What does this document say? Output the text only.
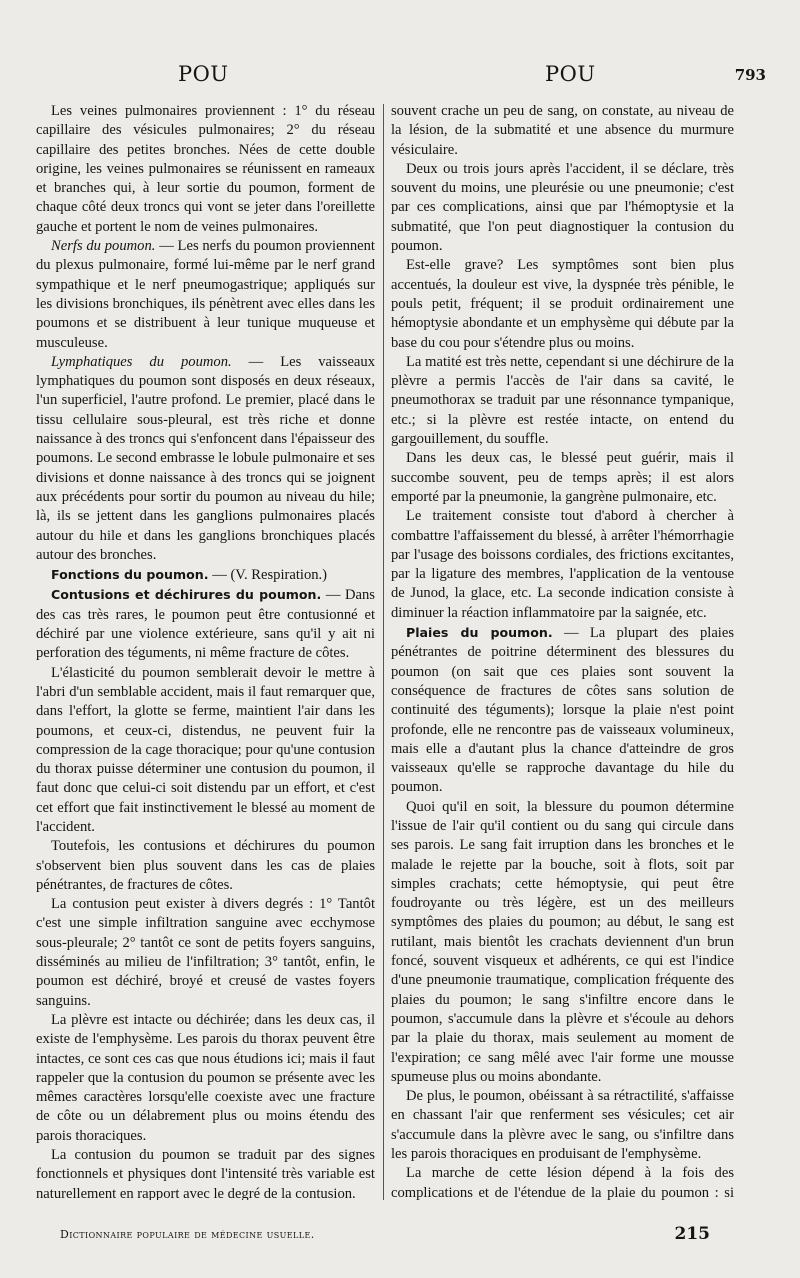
POU	POU	793

Les veines pulmonaires proviennent : 1° du réseau capillaire des vésicules pulmonaires; 2° du réseau capillaire des petites bronches. Nées de cette double origine, les veines pulmonaires se réunissent en rameaux et branches qui, à leur sortie du poumon, forment de chaque côté deux troncs qui vont se jeter dans l'oreillette gauche et portent le nom de veines pulmonaires.

Nerfs du poumon. — Les nerfs du poumon proviennent du plexus pulmonaire, formé lui-même par le nerf grand sympathique et le nerf pneumogastrique; appliqués sur les divisions bronchiques, ils pénètrent avec elles dans les poumons et se distribuent à leur tunique muqueuse et musculeuse.

Lymphatiques du poumon. — Les vaisseaux lymphatiques du poumon sont disposés en deux réseaux, l'un superficiel, l'autre profond. Le premier, placé dans le tissu cellulaire sous-pleural, est très riche et donne naissance à des troncs qui s'enfoncent dans l'épaisseur des poumons. Le second embrasse le lobule pulmonaire et ses divisions et donne naissance à des troncs qui se joignent aux précédents pour sortir du poumon au niveau du hile; là, ils se jettent dans les ganglions pulmonaires placés autour du hile et dans les ganglions bronchiques placés autour des bronches.

Fonctions du poumon. — (V. Respiration.)

Contusions et déchirures du poumon. — Dans des cas très rares, le poumon peut être contusionné et déchiré par une violence extérieure, sans qu'il y ait ni perforation des téguments, ni même fracture de côtes.

L'élasticité du poumon semblerait devoir le mettre à l'abri d'un semblable accident, mais il faut remarquer que, dans l'effort, la glotte se ferme, maintient l'air dans les poumons, et ceux-ci, distendus, ne peuvent fuir la compression de la cage thoracique; pour qu'une contusion du thorax puisse déterminer une contusion du poumon, il faut donc que celui-ci soit distendu par un effort, et c'est cet effort que fait instinctivement le blessé au moment de l'accident.

Toutefois, les contusions et déchirures du poumon s'observent bien plus souvent dans les cas de plaies pénétrantes, de fractures de côtes.

La contusion peut exister à divers degrés : 1° Tantôt c'est une simple infiltration sanguine avec ecchymose sous-pleurale; 2° tantôt ce sont de petits foyers sanguins, disséminés au milieu de l'infiltration; 3° tantôt, enfin, le poumon est déchiré, broyé et creusé de vastes foyers sanguins.

La plèvre est intacte ou déchirée; dans les deux cas, il existe de l'emphysème. Les parois du thorax peuvent être intactes, ce sont ces cas que nous étudions ici; mais il faut rappeler que la contusion du poumon se présente avec les mêmes caractères lorsqu'elle coexiste avec une fracture de côte ou un délabrement plus ou moins étendu des parois thoraciques.

La contusion du poumon se traduit par des signes fonctionnels et physiques dont l'intensité très variable est naturellement en rapport avec le degré de la contusion.

souvent crache un peu de sang, on constate, au niveau de la lésion, de la submatité et une absence du murmure vésiculaire.

Deux ou trois jours après l'accident, il se déclare, très souvent du moins, une pleurésie ou une pneumonie; c'est par ces complications, ainsi que par l'hémoptysie et la submatité, que l'on peut diagnostiquer la contusion du poumon.

Est-elle grave? Les symptômes sont bien plus accentués, la douleur est vive, la dyspnée très pénible, le pouls petit, fréquent; il se produit ordinairement une hémoptysie abondante et un emphysème qui débute par la base du cou pour s'étendre plus ou moins.

La matité est très nette, cependant si une déchirure de la plèvre a permis l'accès de l'air dans sa cavité, le pneumothorax se traduit par une résonnance tympanique, etc.; si la plèvre est restée intacte, on entend du gargouillement, du souffle.

Dans les deux cas, le blessé peut guérir, mais il succombe souvent, peu de temps après; il est alors emporté par la pneumonie, la gangrène pulmonaire, etc.

Le traitement consiste tout d'abord à chercher à combattre l'affaissement du blessé, à arrêter l'hémorrhagie par l'usage des boissons cordiales, des frictions excitantes, par la ligature des membres, l'application de la ventouse de Junod, la glace, etc. La seconde indication consiste à diminuer la réaction inflammatoire par la saignée, etc.

Plaies du poumon. — La plupart des plaies pénétrantes de poitrine déterminent des blessures du poumon (on sait que ces plaies sont souvent la conséquence de fractures de côtes sans solution de continuité des téguments); lorsque la plaie n'est point profonde, elle ne rencontre pas de vaisseaux volumineux, mais elle a d'autant plus la chance d'atteindre de gros vaisseaux qu'elle se rapproche davantage du hile du poumon.

Quoi qu'il en soit, la blessure du poumon détermine l'issue de l'air qu'il contient ou du sang qui circule dans ses parois. Le sang fait irruption dans les bronches et le malade le rejette par la bouche, soit à flots, soit par simples crachats; cette hémoptysie, qui peut être foudroyante ou très légère, est un des meilleurs symptômes des plaies du poumon; au début, le sang est rutilant, mais bientôt les crachats deviennent d'un brun foncé, souvent visqueux et adhérents, ce qui est l'indice d'une pneumonie traumatique, complication fréquente des plaies du poumon; le sang s'infiltre encore dans le poumon, s'accumule dans la plèvre et s'écoule au dehors par la plaie du thorax, mais seulement au moment de l'expiration; ce sang mêlé avec l'air forme une mousse spumeuse plus ou moins abondante.

De plus, le poumon, obéissant à sa rétractilité, s'affaisse en chassant l'air que renferment ses vésicules; cet air s'accumule dans la plèvre avec le sang, ou s'infiltre dans les parois thoraciques en produisant de l'emphysème.

La marche de cette lésion dépend à la fois des complications et de l'étendue de la plaie du poumon : si

Dictionnaire populaire de médecine usuelle.	215
